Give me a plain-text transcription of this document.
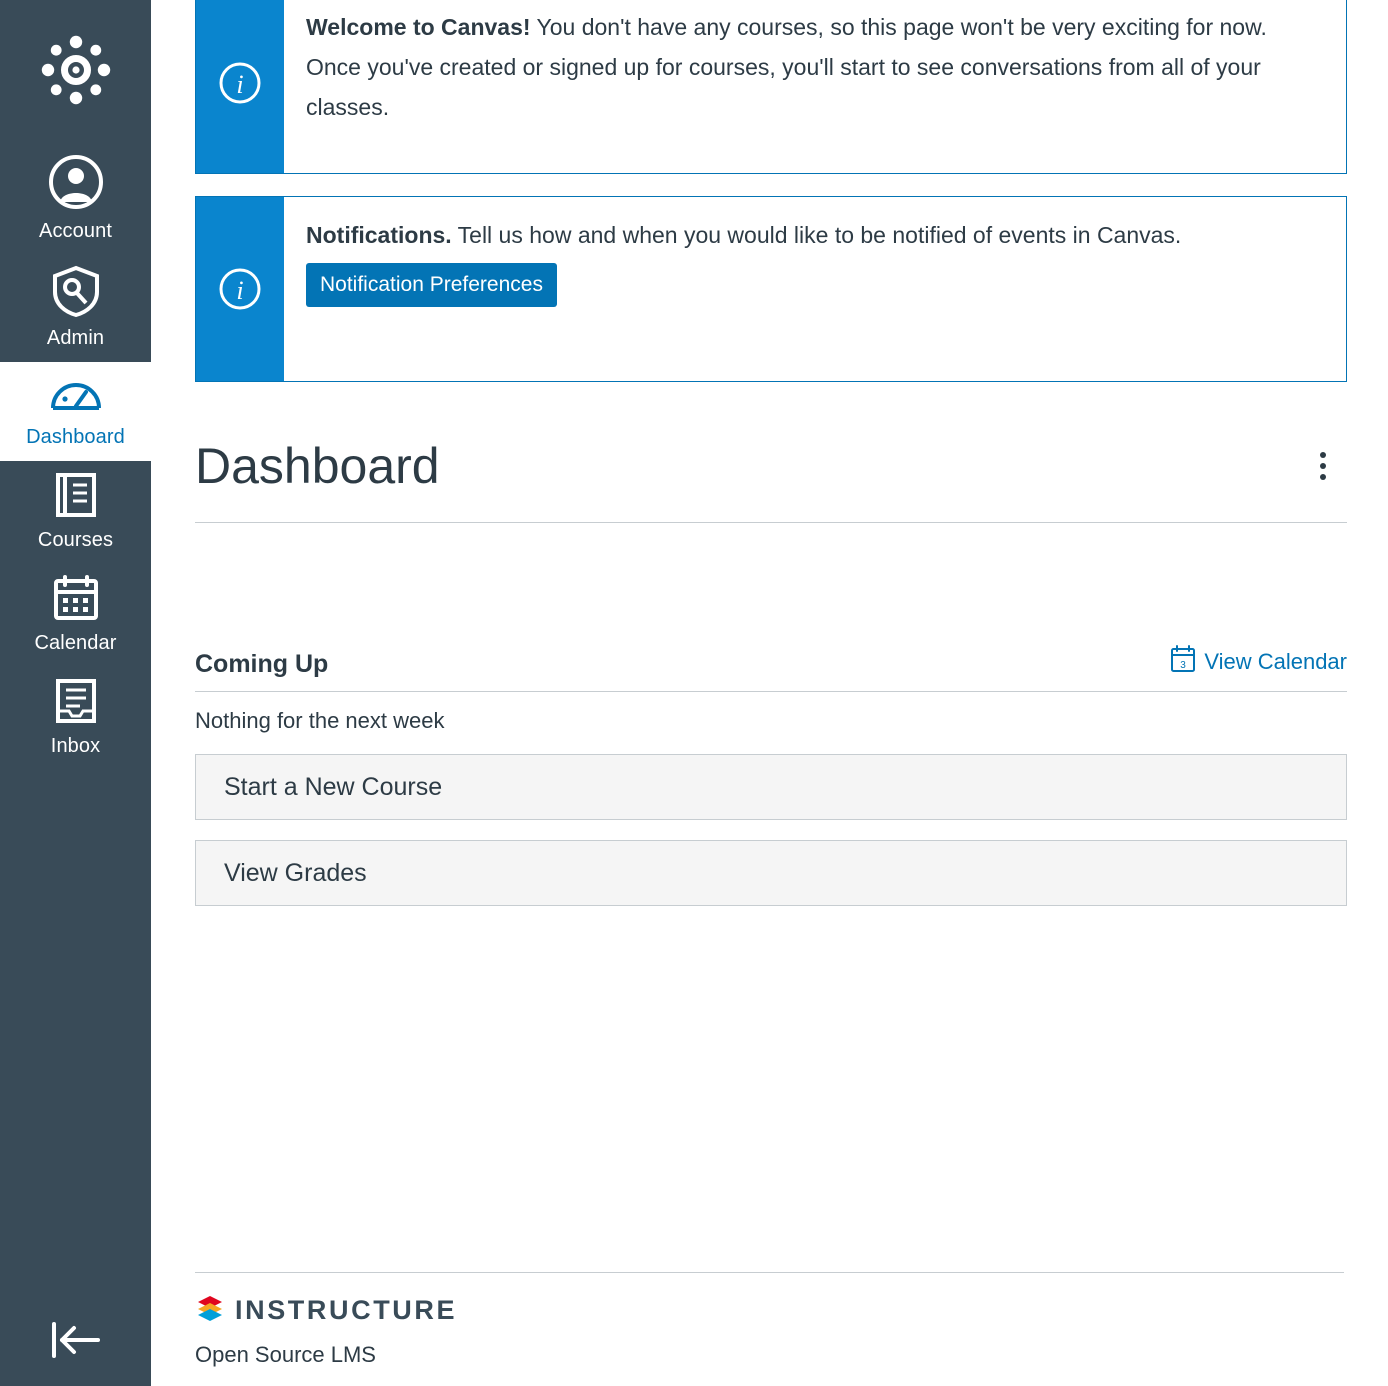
Account
Admin
Dashboard
Courses
Calendar
Inbox
i
Welcome to Canvas! You don't have any courses, so this page won't be very exciting for now. Once you've created or signed up for courses, you'll start to see conversations from all of your classes.
i
Notifications. Tell us how and when you would like to be notified of events in Canvas.
Notification Preferences
Dashboard
Coming Up	3 View Calendar
Nothing for the next week
Start a New Course
View Grades
INSTRUCTURE
Open Source LMS
